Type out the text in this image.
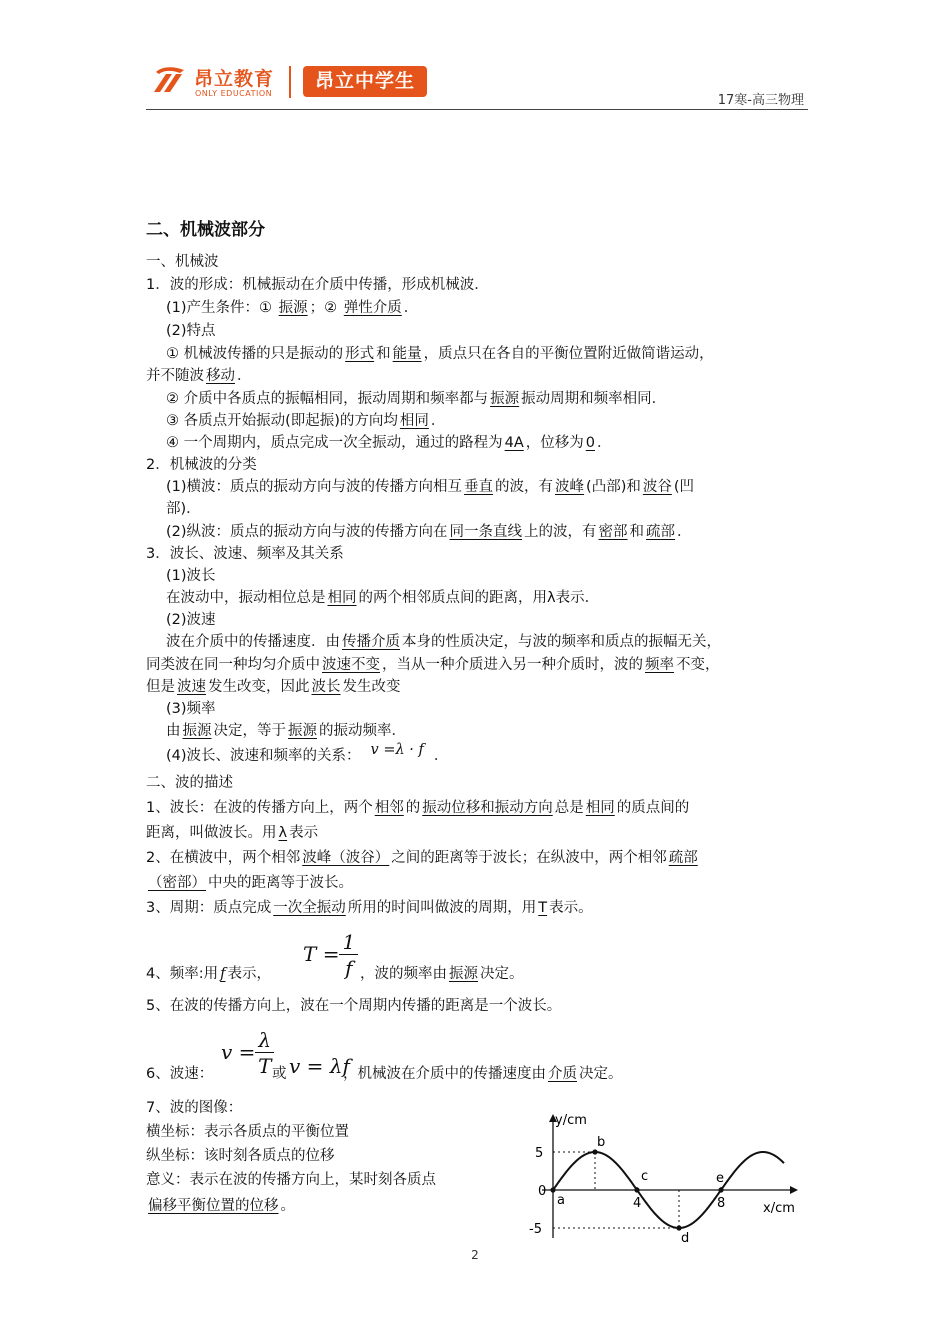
昂立教育
ONLY EDUCATION
昂立中学生
17寒-高三物理
二、机械波部分
一、机械波
1．波的形成：机械振动在介质中传播，形成机械波．
(1)产生条件：① 振源 ；② 弹性介质 ．
(2)特点
① 机械波传播的只是振动的 形式 和 能量 ，质点只在各自的平衡位置附近做简谐运动，
并不随波 移动 ．
② 介质中各质点的振幅相同，振动周期和频率都与 振源 振动周期和频率相同．
③ 各质点开始振动(即起振)的方向均 相同 ．
④ 一个周期内，质点完成一次全振动，通过的路程为 4A ，位移为 0 ．
2．机械波的分类
(1)横波：质点的振动方向与波的传播方向相互 垂直 的波，有 波峰 (凸部)和 波谷 (凹
部)．
(2)纵波：质点的振动方向与波的传播方向在 同一条直线 上的波，有 密部 和 疏部 ．
3．波长、波速、频率及其关系
(1)波长
在波动中，振动相位总是 相同 的两个相邻质点间的距离，用λ表示．
(2)波速
波在介质中的传播速度．由 传播介质 本身的性质决定，与波的频率和质点的振幅无关，
同类波在同一种均匀介质中 波速不变 ，当从一种介质进入另一种介质时，波的 频率 不变，
但是 波速 发生改变，因此 波长 发生改变
(3)频率
由 振源 决定，等于 振源 的振动频率．
(4)波长、波速和频率的关系： v =λ · f ．
二、波的描述
1、波长：在波的传播方向上，两个 相邻 的 振动位移和振动方向 总是 相同 的质点间的
距离，叫做波长。用 λ 表示
2、在横波中，两个相邻 波峰（波谷） 之间的距离等于波长；在纵波中，两个相邻 疏部
（密部） 中央的距离等于波长。
3、周期：质点完成 一次全振动 所用的时间叫做波的周期，用 T 表示。
4、频率:用 f 表示，
$T = \frac{1}{f}$ ，波的频率由 振源 决定。
5、在波的传播方向上，波在一个周期内传播的距离是一个波长。
6、波速：
$v = \frac{\lambda}{T}$
或 v = λf
，机械波在介质中的传播速度由 介质 决定。
7、波的图像：
横坐标：表示各质点的平衡位置
纵坐标：该时刻各质点的位移
意义：表示在波的传播方向上，某时刻各质点
偏移平衡位置的位移 。
5
0
-5
4	8
a
b
c
d
e
y/cm
x/cm
2
